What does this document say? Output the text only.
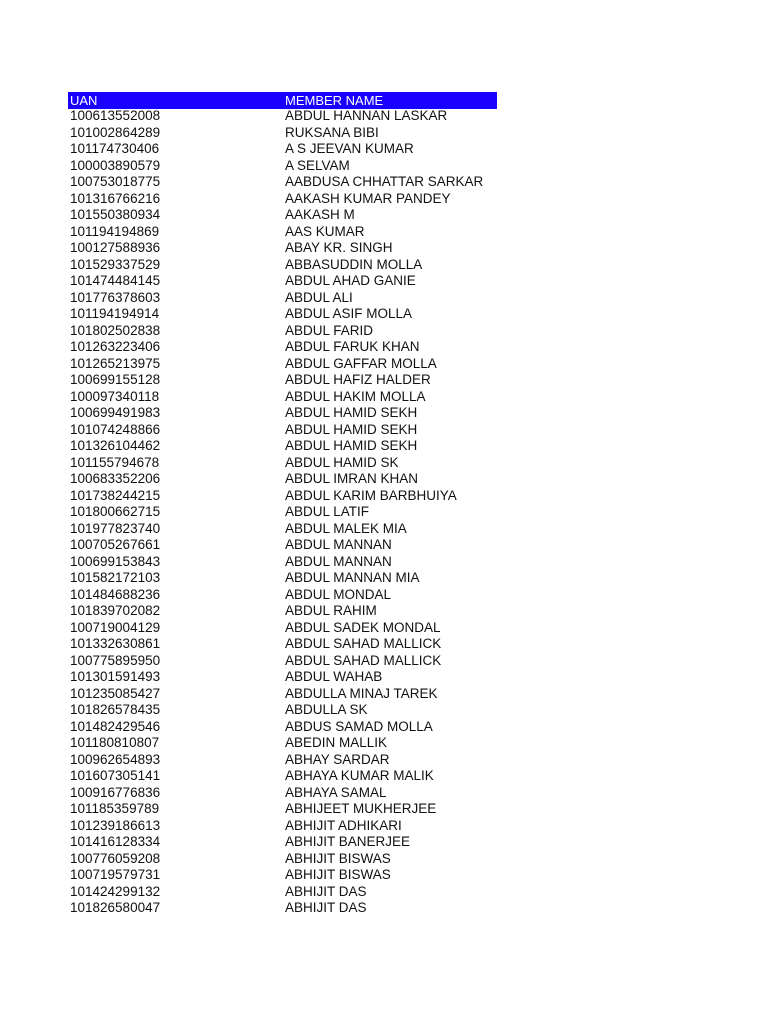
UAN	MEMBER NAME
100613552008	ABDUL HANNAN LASKAR
101002864289	RUKSANA BIBI
101174730406	A S JEEVAN KUMAR
100003890579	A SELVAM
100753018775	AABDUSA CHHATTAR SARKAR
101316766216	AAKASH KUMAR PANDEY
101550380934	AAKASH M
101194194869	AAS KUMAR
100127588936	ABAY KR. SINGH
101529337529	ABBASUDDIN MOLLA
101474484145	ABDUL AHAD GANIE
101776378603	ABDUL ALI
101194194914	ABDUL ASIF MOLLA
101802502838	ABDUL FARID
101263223406	ABDUL FARUK KHAN
101265213975	ABDUL GAFFAR MOLLA
100699155128	ABDUL HAFIZ HALDER
100097340118	ABDUL HAKIM MOLLA
100699491983	ABDUL HAMID SEKH
101074248866	ABDUL HAMID SEKH
101326104462	ABDUL HAMID SEKH
101155794678	ABDUL HAMID SK
100683352206	ABDUL IMRAN KHAN
101738244215	ABDUL KARIM BARBHUIYA
101800662715	ABDUL LATIF
101977823740	ABDUL MALEK MIA
100705267661	ABDUL MANNAN
100699153843	ABDUL MANNAN
101582172103	ABDUL MANNAN MIA
101484688236	ABDUL MONDAL
101839702082	ABDUL RAHIM
100719004129	ABDUL SADEK MONDAL
101332630861	ABDUL SAHAD MALLICK
100775895950	ABDUL SAHAD MALLICK
101301591493	ABDUL WAHAB
101235085427	ABDULLA MINAJ TAREK
101826578435	ABDULLA SK
101482429546	ABDUS SAMAD MOLLA
101180810807	ABEDIN MALLIK
100962654893	ABHAY SARDAR
101607305141	ABHAYA KUMAR MALIK
100916776836	ABHAYA SAMAL
101185359789	ABHIJEET MUKHERJEE
101239186613	ABHIJIT ADHIKARI
101416128334	ABHIJIT BANERJEE
100776059208	ABHIJIT BISWAS
100719579731	ABHIJIT BISWAS
101424299132	ABHIJIT DAS
101826580047	ABHIJIT DAS
